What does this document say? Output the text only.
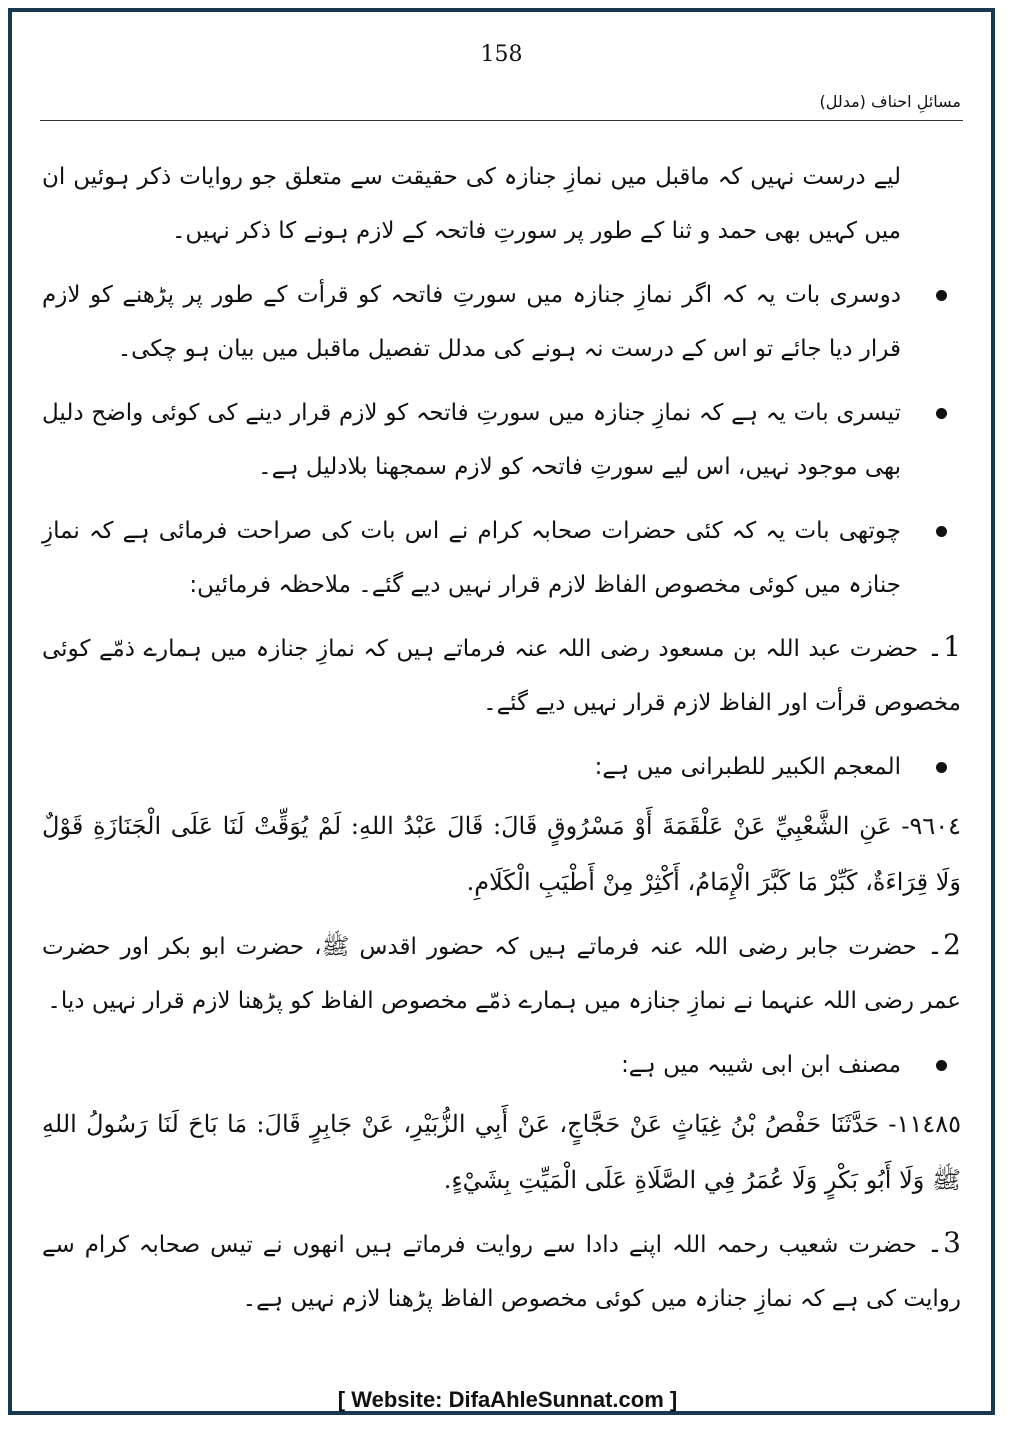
158
مسائلِ احناف (مدلل)

لیے درست نہیں کہ ماقبل میں نمازِ جنازہ کی حقیقت سے متعلق جو روایات ذکر ہوئیں ان میں کہیں بھی حمد و ثنا کے طور پر سورتِ فاتحہ کے لازم ہونے کا ذکر نہیں۔

دوسری بات یہ کہ اگر نمازِ جنازہ میں سورتِ فاتحہ کو قرأت کے طور پر پڑھنے کو لازم قرار دیا جائے تو اس کے درست نہ ہونے کی مدلل تفصیل ماقبل میں بیان ہو چکی۔
تیسری بات یہ ہے کہ نمازِ جنازہ میں سورتِ فاتحہ کو لازم قرار دینے کی کوئی واضح دلیل بھی موجود نہیں، اس لیے سورتِ فاتحہ کو لازم سمجھنا بلادلیل ہے۔
چوتھی بات یہ کہ کئی حضرات صحابہ کرام نے اس بات کی صراحت فرمائی ہے کہ نمازِ جنازہ میں کوئی مخصوص الفاظ لازم قرار نہیں دیے گئے۔ ملاحظہ فرمائیں:

1۔ حضرت عبد اللہ بن مسعود رضی اللہ عنہ فرماتے ہیں کہ نمازِ جنازہ میں ہمارے ذمّے کوئی مخصوص قرأت اور الفاظ لازم قرار نہیں دیے گئے۔

المعجم الکبیر للطبرانی میں ہے:

٩٦٠٤- عَنِ الشَّعْبِيِّ عَنْ عَلْقَمَةَ أَوْ مَسْرُوقٍ قَالَ: قَالَ عَبْدُ اللهِ: لَمْ يُوَقِّتْ لَنَا عَلَى الْجَنَازَةِ قَوْلٌ وَلَا قِرَاءَةٌ، كَبِّرْ مَا كَبَّرَ الْإِمَامُ، أَكْثِرْ مِنْ أَطْيَبِ الْكَلَامِ.

2۔ حضرت جابر رضی اللہ عنہ فرماتے ہیں کہ حضور اقدس ﷺ، حضرت ابو بکر اور حضرت عمر رضی اللہ عنہما نے نمازِ جنازہ میں ہمارے ذمّے مخصوص الفاظ کو پڑھنا لازم قرار نہیں دیا۔

مصنف ابن ابی شیبہ میں ہے:

١١٤٨٥- حَدَّثَنَا حَفْصُ بْنُ غِيَاثٍ عَنْ حَجَّاجٍ، عَنْ أَبِي الزُّبَيْرِ، عَنْ جَابِرٍ قَالَ: مَا بَاحَ لَنَا رَسُولُ اللهِ ﷺ وَلَا أَبُو بَكْرٍ وَلَا عُمَرُ فِي الصَّلَاةِ عَلَى الْمَيِّتِ بِشَيْءٍ.

3۔ حضرت شعیب رحمہ اللہ اپنے دادا سے روایت فرماتے ہیں انھوں نے تیس صحابہ کرام سے روایت کی ہے کہ نمازِ جنازہ میں کوئی مخصوص الفاظ پڑھنا لازم نہیں ہے۔

[ Website: DifaAhleSunnat.com ]
